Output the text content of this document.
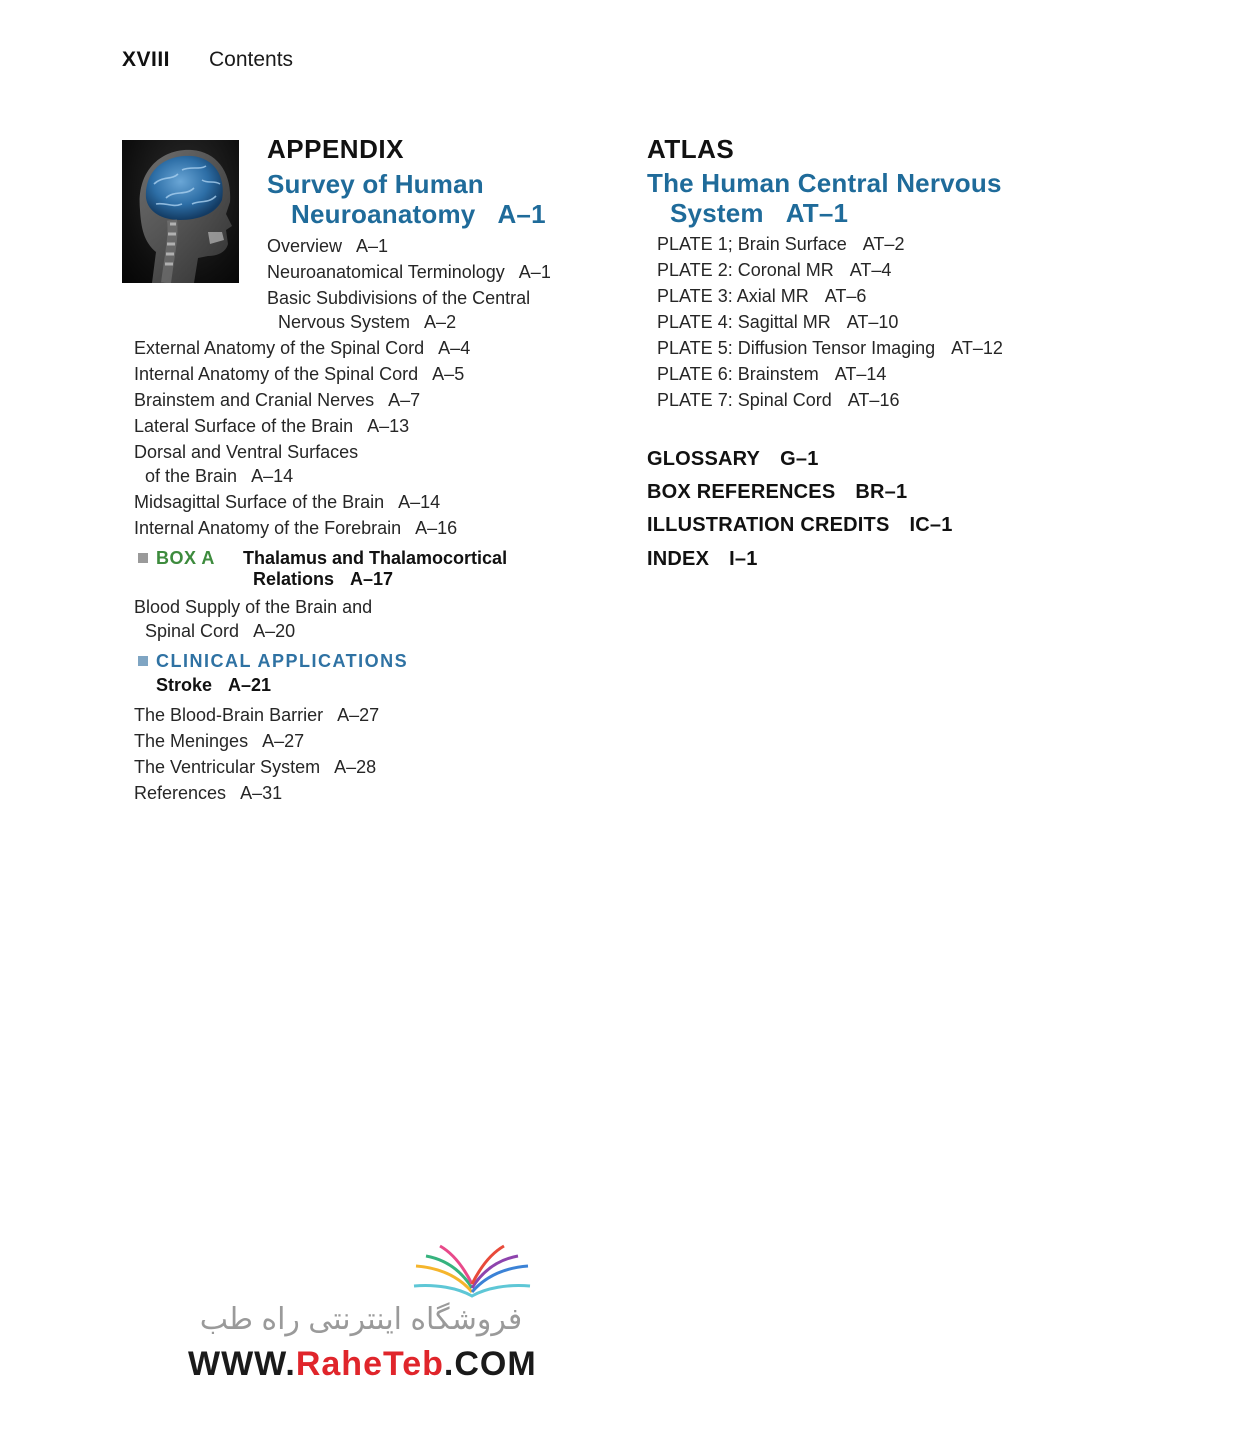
XVIII Contents
APPENDIX
Survey of Human
Neuroanatomy A–1
Overview A–1
Neuroanatomical Terminology A–1
Basic Subdivisions of the Central
Nervous System A–2
External Anatomy of the Spinal Cord A–4
Internal Anatomy of the Spinal Cord A–5
Brainstem and Cranial Nerves A–7
Lateral Surface of the Brain A–13
Dorsal and Ventral Surfaces
of the Brain A–14
Midsagittal Surface of the Brain A–14
Internal Anatomy of the Forebrain A–16
BOX A Thalamus and Thalamocortical
Relations A–17
Blood Supply of the Brain and
Spinal Cord A–20
CLINICAL APPLICATIONS
Stroke A–21
The Blood-Brain Barrier A–27
The Meninges A–27
The Ventricular System A–28
References A–31
ATLAS
The Human Central Nervous
System AT–1
PLATE 1; Brain Surface AT–2
PLATE 2: Coronal MR AT–4
PLATE 3: Axial MR AT–6
PLATE 4: Sagittal MR AT–10
PLATE 5: Diffusion Tensor Imaging AT–12
PLATE 6: Brainstem AT–14
PLATE 7: Spinal Cord AT–16
GLOSSARY G–1
BOX REFERENCES BR–1
ILLUSTRATION CREDITS IC–1
INDEX I–1
فروشگاه اینترنتی راه طب
WWW.RaheTeb.COM
